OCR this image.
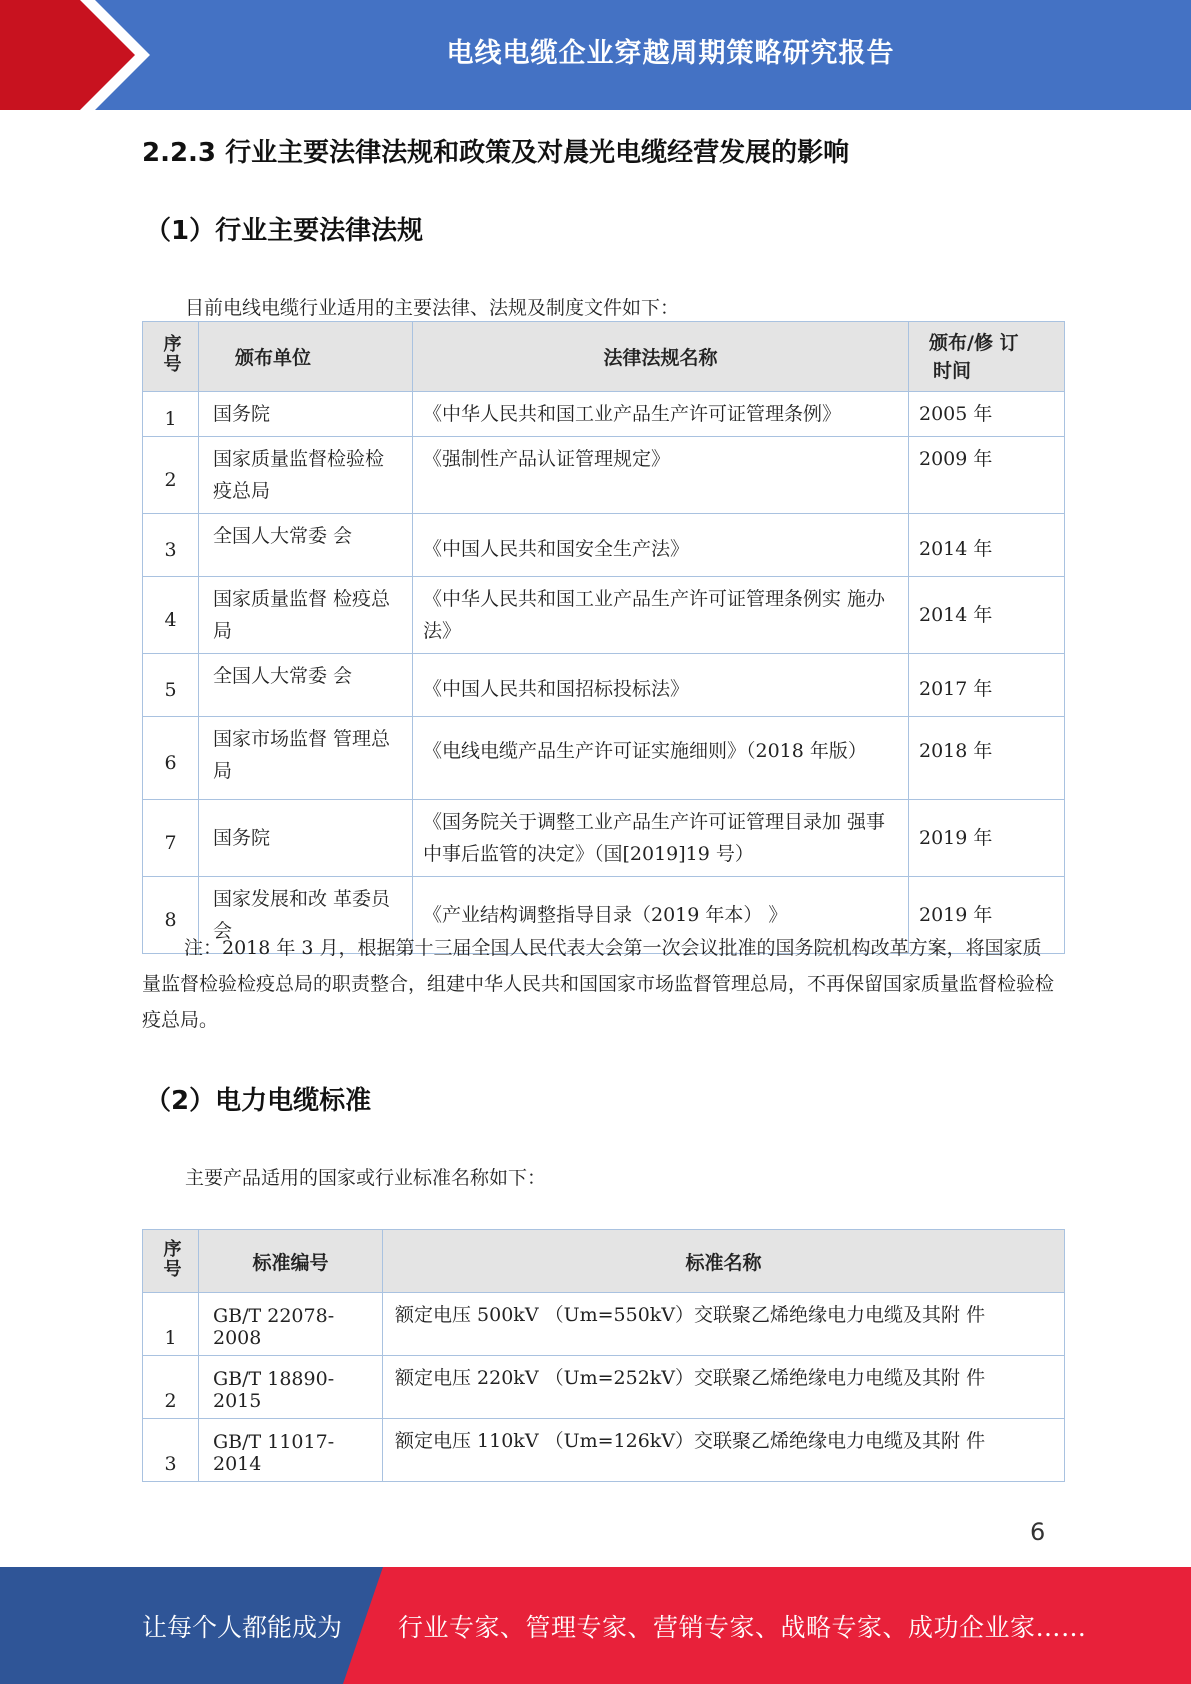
电线电缆企业穿越周期策略研究报告
2.2.3 行业主要法律法规和政策及对晨光电缆经营发展的影响
（1）行业主要法律法规
目前电线电缆行业适用的主要法律、法规及制度文件如下：
序号	颁布单位	法律法规名称	颁布/修 订
时间

1	国务院	《中华人民共和国工业产品生产许可证管理条例》	2005 年
2	国家质量监督检验检疫总局	《强制性产品认证管理规定》	2009 年
3	全国人大常委 会	《中国人民共和国安全生产法》	2014 年
4	国家质量监督 检疫总局	《中华人民共和国工业产品生产许可证管理条例实 施办法》	2014 年
5	全国人大常委 会	《中国人民共和国招标投标法》	2017 年
6	国家市场监督 管理总局	《电线电缆产品生产许可证实施细则》（2018 年版）	2018 年
7	国务院	《国务院关于调整工业产品生产许可证管理目录加 强事中事后监管的决定》（国[2019]19 号）	2019 年
8	国家发展和改 革委员会	《产业结构调整指导目录（2019 年本） 》	2019 年
注：2018 年 3 月，根据第十三届全国人民代表大会第一次会议批准的国务院机构改革方案，将国家质量监督检验检疫总局的职责整合，组建中华人民共和国国家市场监督管理总局，不再保留国家质量监督检验检疫总局。
（2）电力电缆标准
主要产品适用的国家或行业标准名称如下：
序号	标准编号	标准名称
1	GB/T 22078-2008	额定电压 500kV （Um=550kV）交联聚乙烯绝缘电力电缆及其附 件
2	GB/T 18890-2015	额定电压 220kV （Um=252kV）交联聚乙烯绝缘电力电缆及其附 件
3	GB/T 11017-2014	额定电压 110kV （Um=126kV）交联聚乙烯绝缘电力电缆及其附 件
6
让每个人都能成为 行业专家、管理专家、营销专家、战略专家、成功企业家……
